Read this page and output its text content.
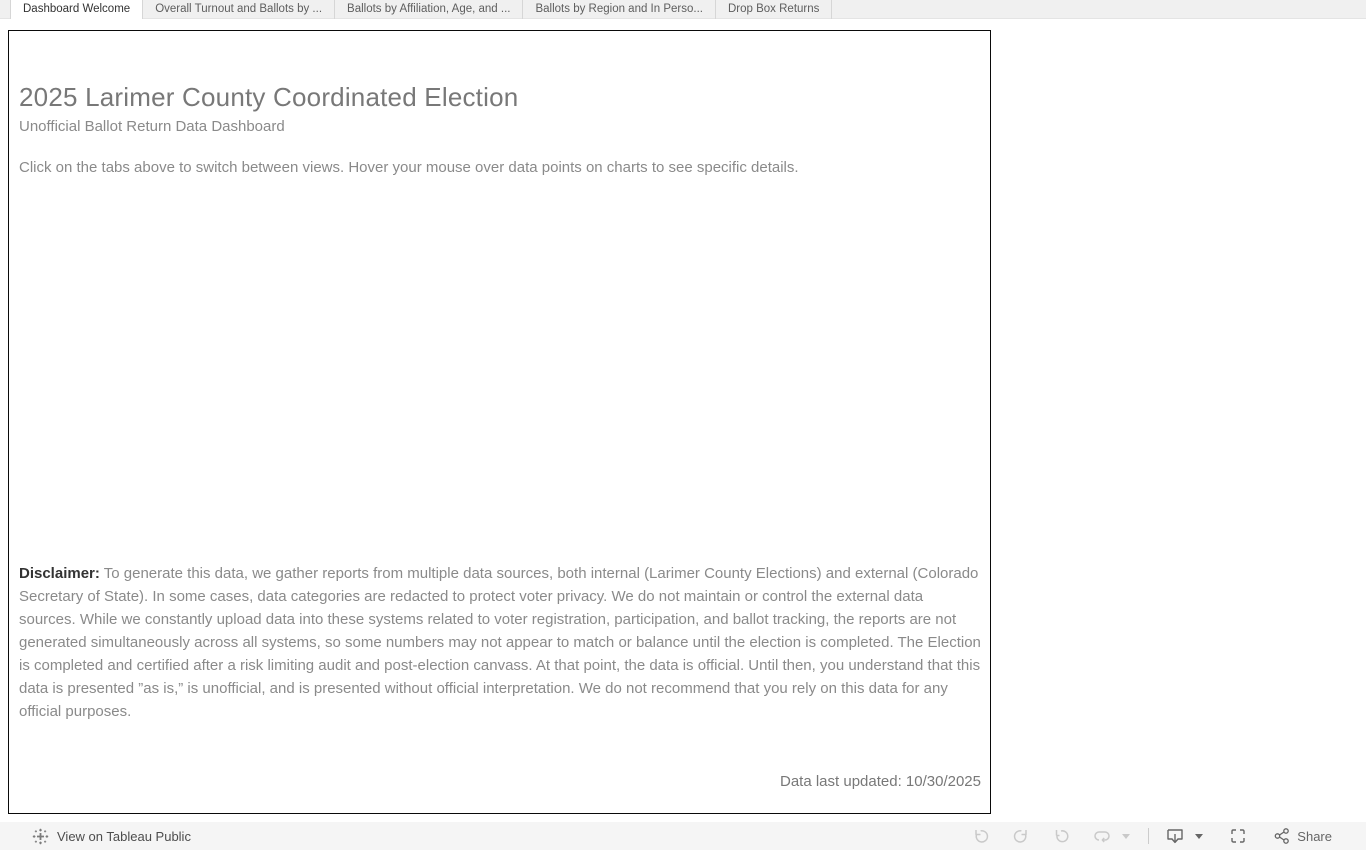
Dashboard Welcome	Overall Turnout and Ballots by ...	Ballots by Affiliation, Age, and ...	Ballots by Region and In Perso...	Drop Box Returns
2025 Larimer County Coordinated Election
Unofficial Ballot Return Data Dashboard
Click on the tabs above to switch between views. Hover your mouse over data points on charts to see specific details.
Disclaimer: To generate this data, we gather reports from multiple data sources, both internal (Larimer County Elections) and external (Colorado Secretary of State). In some cases, data categories are redacted to protect voter privacy. We do not maintain or control the external data sources. While we constantly upload data into these systems related to voter registration, participation, and ballot tracking, the reports are not generated simultaneously across all systems, so some numbers may not appear to match or balance until the election is completed. The Election is completed and certified after a risk limiting audit and post-election canvass. At that point, the data is official. Until then, you understand that this data is presented ”as is,” is unofficial, and is presented without official interpretation. We do not recommend that you rely on this data for any official purposes.
Data last updated: 10/30/2025
View on Tableau Public	Share
